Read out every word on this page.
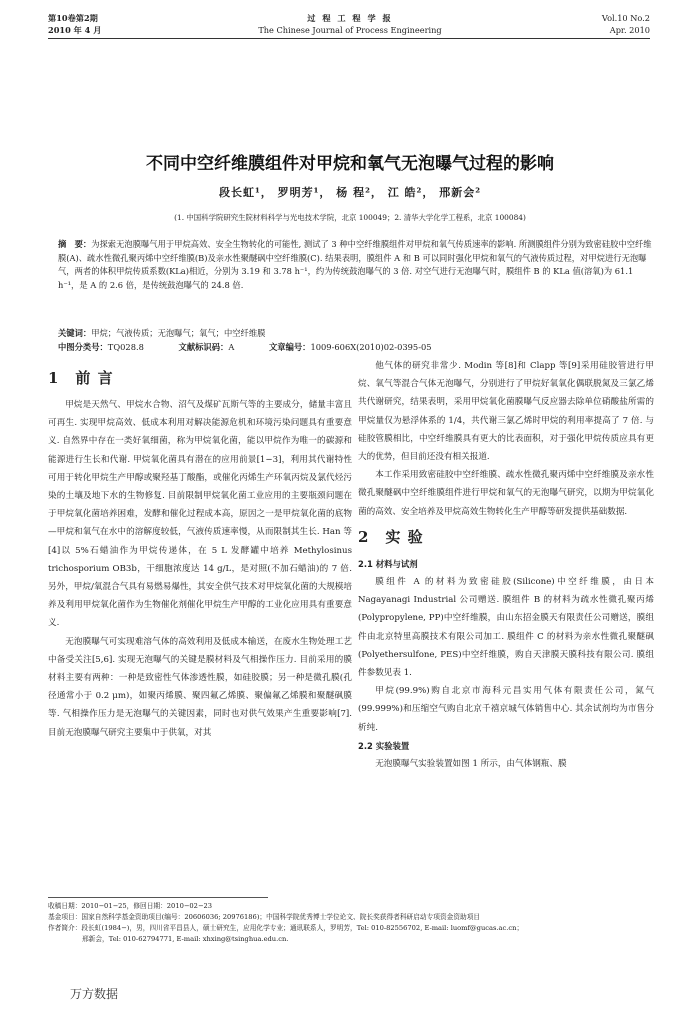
第10卷第2期
2010 年 4 月
过 程 工 程 学 报
The Chinese Journal of Process Engineering
Vol.10 No.2
Apr. 2010
不同中空纤维膜组件对甲烷和氧气无泡曝气过程的影响
段长虹¹， 罗明芳¹， 杨 程²， 江 皓²， 邢新会²
(1. 中国科学院研究生院材料科学与光电技术学院，北京 100049；2. 清华大学化学工程系，北京 100084)

摘　要：为探索无泡膜曝气用于甲烷高效、安全生物转化的可能性, 测试了 3 种中空纤维膜组件对甲烷和氧气传质速率的影响. 所测膜组件分别为致密硅胶中空纤维膜(A)、疏水性微孔聚丙烯中空纤维膜(B)及亲水性聚醚砜中空纤维膜(C). 结果表明，膜组件 A 和 B 可以同时强化甲烷和氧气的气液传质过程，对甲烷进行无泡曝气，两者的体积甲烷传质系数(KLa)相近，分别为 3.19 和 3.78 h⁻¹，约为传统鼓泡曝气的 3 倍. 对空气进行无泡曝气时，膜组件 B 的 KLa 值(溶氧)为 61.1 h⁻¹，是 A 的 2.6 倍，是传统鼓泡曝气的 24.8 倍.

关键词：甲烷；气液传质；无泡曝气；氧气；中空纤维膜

中图分类号：TQ028.8	文献标识码：A	文章编号：1009-606X(2010)02-0395-05

1　前 言

甲烷是天然气、甲烷水合物、沼气及煤矿瓦斯气等的主要成分，储量丰富且可再生. 实现甲烷高效、低成本利用对解决能源危机和环境污染问题具有重要意义. 自然界中存在一类好氧细菌，称为甲烷氧化菌，能以甲烷作为唯一的碳源和能源进行生长和代谢. 甲烷氧化菌具有潜在的应用前景[1−3]，利用其代谢特性可用于转化甲烷生产甲醇或聚羟基丁酸酯，或催化丙烯生产环氧丙烷及氯代烃污染的土壤及地下水的生物修复. 目前限制甲烷氧化菌工业应用的主要瓶颈问题在于甲烷氧化菌培养困难，发酵和催化过程成本高，原因之一是甲烷氧化菌的底物—甲烷和氧气在水中的溶解度较低，气液传质速率慢，从而限制其生长. Han 等[4]以 5%石蜡油作为甲烷传递体，在 5 L 发酵罐中培养 Methylosinus trichosporium OB3b，干细胞浓度达 14 g/L，是对照(不加石蜡油)的 7 倍. 另外，甲烷/氧混合气具有易燃易爆性，其安全供气技术对甲烷氧化菌的大规模培养及利用甲烷氧化菌作为生物催化剂催化甲烷生产甲醇的工业化应用具有重要意义.

无泡膜曝气可实现难溶气体的高效利用及低成本输送，在废水生物处理工艺中备受关注[5,6]. 实现无泡曝气的关键是膜材料及气相操作压力. 目前采用的膜材料主要有两种：一种是致密性气体渗透性膜，如硅胶膜；另一种是微孔膜(孔径通常小于 0.2 μm)，如聚丙烯膜、聚四氟乙烯膜、聚偏氟乙烯膜和聚醚砜膜等. 气相操作压力是无泡曝气的关键因素，同时也对供气效果产生重要影响[7]. 目前无泡膜曝气研究主要集中于供氧，对其

他气体的研究非常少. Modin 等[8]和 Clapp 等[9]采用硅胶管进行甲烷、氧气等混合气体无泡曝气，分别进行了甲烷好氧氧化偶联脱氮及三氯乙烯共代谢研究，结果表明，采用甲烷氧化菌膜曝气反应器去除单位硝酸盐所需的甲烷量仅为悬浮体系的 1/4，共代谢三氯乙烯时甲烷的利用率提高了 7 倍. 与硅胶管膜相比，中空纤维膜具有更大的比表面积，对于强化甲烷传质应具有更大的优势，但目前还没有相关报道.

本工作采用致密硅胶中空纤维膜、疏水性微孔聚丙烯中空纤维膜及亲水性微孔聚醚砜中空纤维膜组件进行甲烷和氧气的无泡曝气研究，以期为甲烷氧化菌的高效、安全培养及甲烷高效生物转化生产甲醇等研发提供基础数据.

2　实 验
2.1 材料与试剂

膜组件 A 的材料为致密硅胶(Silicone)中空纤维膜，由日本 Nagayanagi Industrial 公司赠送. 膜组件 B 的材料为疏水性微孔聚丙烯(Polypropylene, PP)中空纤维膜，由山东招金膜天有限责任公司赠送，膜组件由北京特里高膜技术有限公司加工. 膜组件 C 的材料为亲水性微孔聚醚砜(Polyethersulfone, PES)中空纤维膜，购自天津膜天膜科技有限公司. 膜组件参数见表 1.

甲烷(99.9%)购自北京市海科元昌实用气体有限责任公司，氮气(99.999%)和压缩空气购自北京千禧京城气体销售中心. 其余试剂均为市售分析纯.

2.2 实验装置

无泡膜曝气实验装置如图 1 所示，由气体钢瓶、膜

收稿日期：2010−01−25，修回日期：2010−02−23

基金项目：国家自然科学基金资助项目(编号：20606036; 20976186)；中国科学院优秀博士学位论文、院长奖获得者科研启动专项资金资助项目

作者简介：段长虹(1984−)，男，四川省平昌县人，硕士研究生，应用化学专业；通讯联系人，罗明芳，Tel: 010-82556702, E-mail: luomf@gucas.ac.cn；

邢新会，Tel: 010-62794771, E-mail: xhxing@tsinghua.edu.cn.

万方数据
